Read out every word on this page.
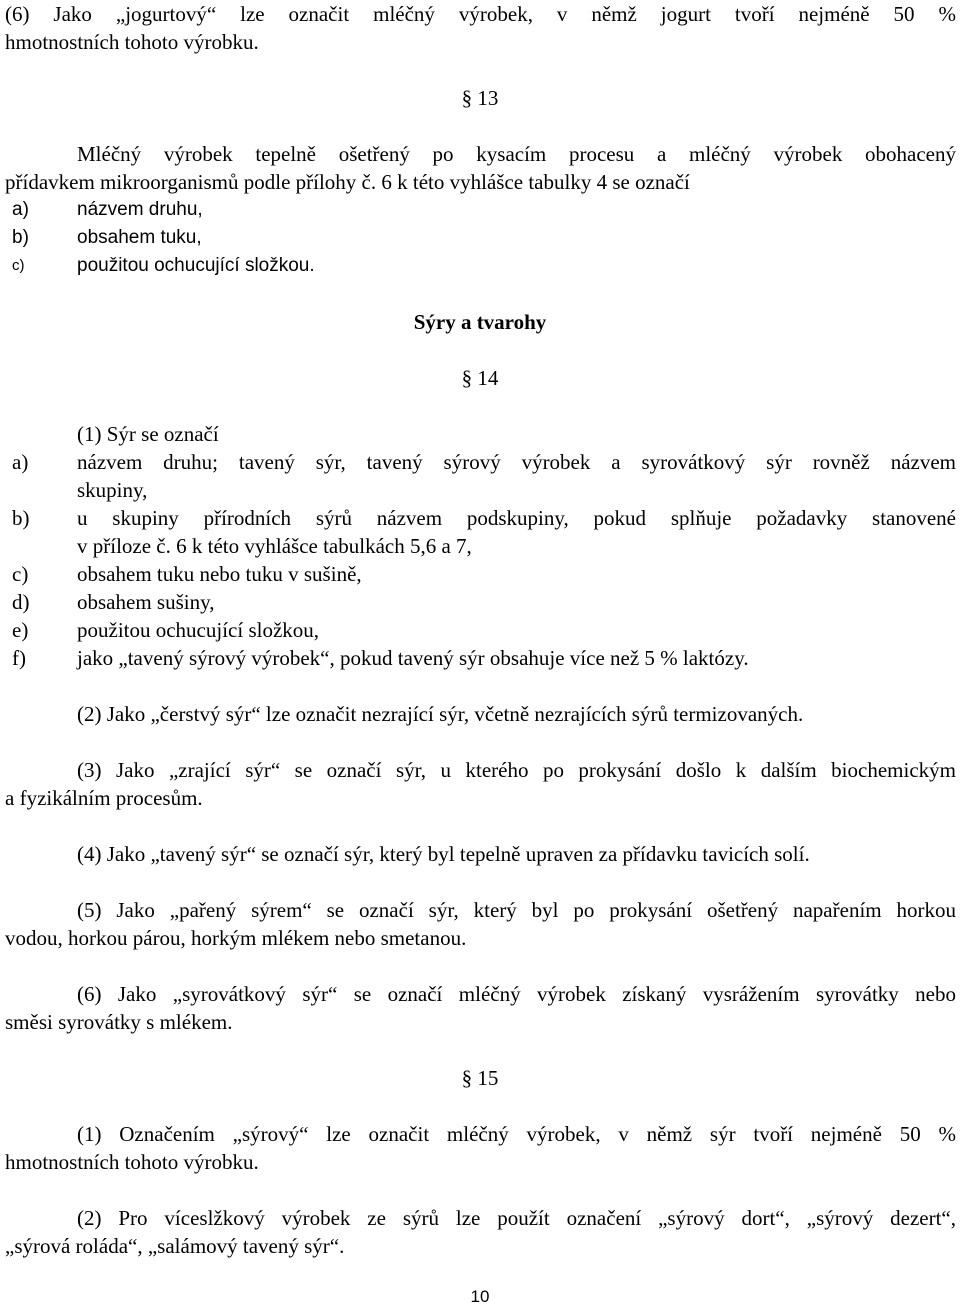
(6) Jako „jogurtový“ lze označit mléčný výrobek, v němž jogurt tvoří nejméně 50 %
hmotnostních tohoto výrobku.
§ 13
Mléčný výrobek tepelně ošetřený po kysacím procesu a mléčný výrobek obohacený
přídavkem mikroorganismů podle přílohy č. 6 k této vyhlášce tabulky 4 se označí
a)	názvem druhu,
b)	obsahem tuku,
c)	použitou ochucující složkou.
Sýry a tvarohy
§ 14
(1) Sýr se označí
a) názvem druhu; tavený sýr, tavený sýrový výrobek a syrovátkový sýr rovněž názvem
skupiny,
b) u skupiny přírodních sýrů názvem podskupiny, pokud splňuje požadavky stanovené
v příloze č. 6 k této vyhlášce tabulkách 5,6 a 7,
c) obsahem tuku nebo tuku v sušině,
d) obsahem sušiny,
e) použitou ochucující složkou,
f) jako „tavený sýrový výrobek“, pokud tavený sýr obsahuje více než 5 % laktózy.
(2) Jako „čerstvý sýr“ lze označit nezrající sýr, včetně nezrajících sýrů termizovaných.
(3) Jako „zrající sýr“ se označí sýr, u kterého po prokysání došlo k dalším biochemickým
a fyzikálním procesům.
(4) Jako „tavený sýr“ se označí sýr, který byl tepelně upraven za přídavku tavicích solí.
(5) Jako „pařený sýrem“ se označí sýr, který byl po prokysání ošetřený napařením horkou
vodou, horkou párou, horkým mlékem nebo smetanou.
(6) Jako „syrovátkový sýr“ se označí mléčný výrobek získaný vysrážením syrovátky nebo
směsi syrovátky s mlékem.
§ 15
(1) Označením „sýrový“ lze označit mléčný výrobek, v němž sýr tvoří nejméně 50 %
hmotnostních tohoto výrobku.
(2) Pro víceslžkový výrobek ze sýrů lze použít označení „sýrový dort“, „sýrový dezert“,
„sýrová roláda“, „salámový tavený sýr“.
10
